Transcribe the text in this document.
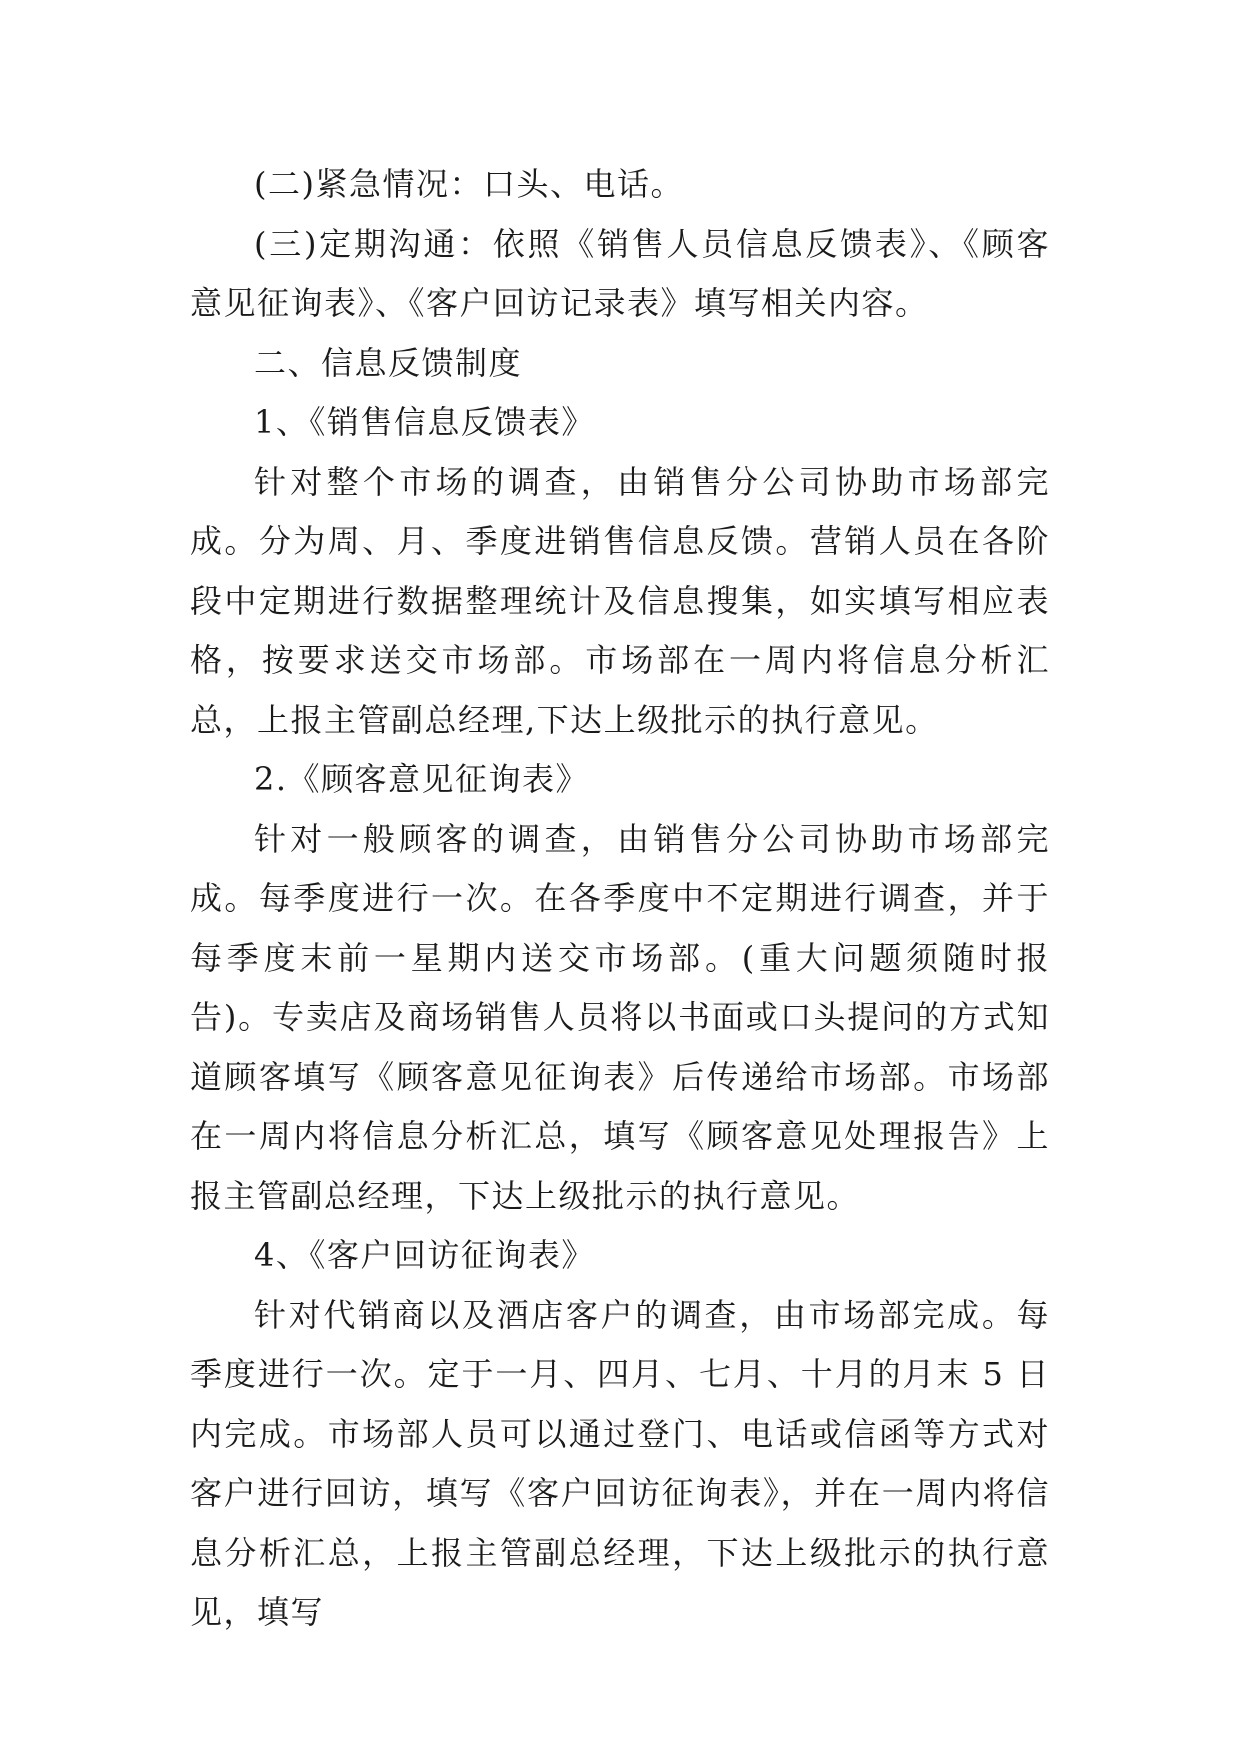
(二)紧急情况：口头、电话。

(三)定期沟通：依照《销售人员信息反馈表》、《顾客意见征询表》、《客户回访记录表》填写相关内容。

二、信息反馈制度

1、《销售信息反馈表》

针对整个市场的调查，由销售分公司协助市场部完成。分为周、月、季度进销售信息反馈。营销人员在各阶段中定期进行数据整理统计及信息搜集，如实填写相应表格，按要求送交市场部。市场部在一周内将信息分析汇总，上报主管副总经理,下达上级批示的执行意见。

2.《顾客意见征询表》

针对一般顾客的调查，由销售分公司协助市场部完成。每季度进行一次。在各季度中不定期进行调查，并于每季度末前一星期内送交市场部。(重大问题须随时报告)。专卖店及商场销售人员将以书面或口头提问的方式知道顾客填写《顾客意见征询表》后传递给市场部。市场部在一周内将信息分析汇总，填写《顾客意见处理报告》上报主管副总经理，下达上级批示的执行意见。

4、《客户回访征询表》

针对代销商以及酒店客户的调查，由市场部完成。每季度进行一次。定于一月、四月、七月、十月的月末 5 日内完成。市场部人员可以通过登门、电话或信函等方式对客户进行回访，填写《客户回访征询表》，并在一周内将信息分析汇总，上报主管副总经理，下达上级批示的执行意见，填写
